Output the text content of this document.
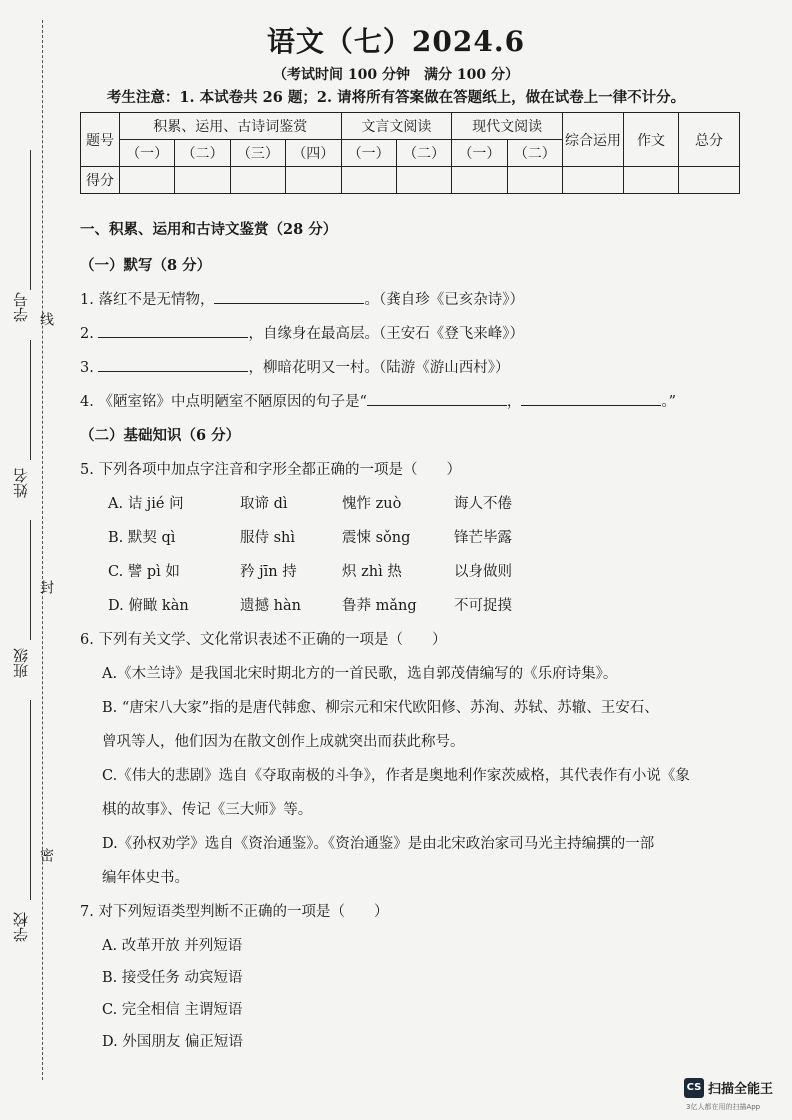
学号 线
姓名
封
班级
密
学校
语文（七）2024.6
（考试时间 100 分钟　满分 100 分）
考生注意：1. 本试卷共 26 题；2. 请将所有答案做在答题纸上，做在试卷上一律不计分。
题号	积累、运用、古诗词鉴赏				文言文阅读		现代文阅读		综合运用	作文	总分
	（一）	（二）	（三）	（四）	（一）	（二）	（一）	（二）			
得分											
一、积累、运用和古诗文鉴赏（28 分）
（一）默写（8 分）
1. 落红不是无情物，	。（龚自珍《已亥杂诗》）
2.	，自缘身在最高层。（王安石《登飞来峰》）
3.	，柳暗花明又一村。（陆游《游山西村》）
4. 《陋室铭》中点明陋室不陋原因的句子是“	，	。”
（二）基础知识（6 分）
5. 下列各项中加点字注音和字形全都正确的一项是（　　）
A. 诘 jié 问	取谛 dì	愧怍 zuò	诲人不倦
B. 默契 qì	服侍 shì	震悚 sǒng	锋芒毕露
C. 譬 pì 如	矜 jīn 持	炽 zhì 热	以身做则
D. 俯瞰 kàn	遗撼 hàn	鲁莽 mǎng	不可捉摸
6. 下列有关文学、文化常识表述不正确的一项是（　　）
A.《木兰诗》是我国北宋时期北方的一首民歌，选自郭茂倩编写的《乐府诗集》。
B. “唐宋八大家”指的是唐代韩愈、柳宗元和宋代欧阳修、苏洵、苏轼、苏辙、王安石、
曾巩等人，他们因为在散文创作上成就突出而获此称号。
C.《伟大的悲剧》选自《夺取南极的斗争》，作者是奥地利作家茨威格，其代表作有小说《象
棋的故事》、传记《三大师》等。
D.《孙权劝学》选自《资治通鉴》。《资治通鉴》是由北宋政治家司马光主持编撰的一部
编年体史书。
7. 对下列短语类型判断不正确的一项是（　　）
A. 改革开放 并列短语
B. 接受任务 动宾短语
C. 完全相信 主谓短语
D. 外国朋友 偏正短语
CS 扫描全能王
3亿人都在用的扫描App
